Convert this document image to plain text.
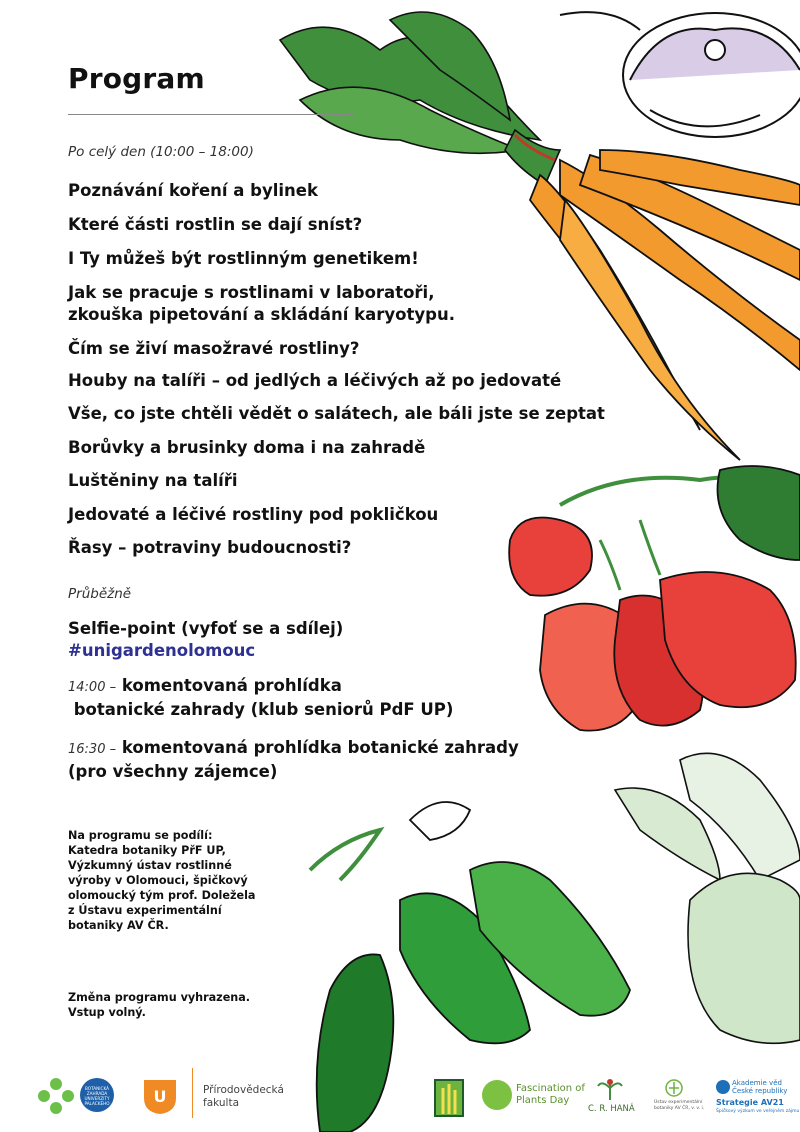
Program
Po celý den (10:00 – 18:00)
Poznávání koření a bylinek
Které části rostlin se dají sníst?
I Ty můžeš být rostlinným genetikem!
Jak se pracuje s rostlinami v laboratoři,
zkouška pipetování a skládání karyotypu.
Čím se živí masožravé rostliny?
Houby na talíři – od jedlých a léčivých až po jedovaté
Vše, co jste chtěli vědět o salátech, ale báli jste se zeptat
Borůvky a brusinky doma i na zahradě
Luštěniny na talíři
Jedovaté a léčivé rostliny pod pokličkou
Řasy – potraviny budoucnosti?
Průběžně
Selfie-point (vyfoť se a sdílej)
#unigardenolomouc
14:00 – komentovaná prohlídka
botanické zahrady (klub seniorů PdF UP)
16:30 – komentovaná prohlídka botanické zahrady
(pro všechny zájemce)
Na programu se podílí:
Katedra botaniky PřF UP,
Výzkumný ústav rostlinné
výroby v Olomouci, špičkový
olomoucký tým prof. Doležela
z Ústavu experimentální
botaniky AV ČR.
Změna programu vyhrazena.
Vstup volný.
BOTANICKÁ
ZAHRADA
UNIVERZITY
PALACKÉHO	U	Přírodovědecká
fakulta
Fascination of
Plants Day
C. R. HANÁ
Ústav experimentální
botaniky AV ČR, v. v. i.
Akademie věd
České republiky
Strategie AV21
Špičkový výzkum ve veřejném zájmu
